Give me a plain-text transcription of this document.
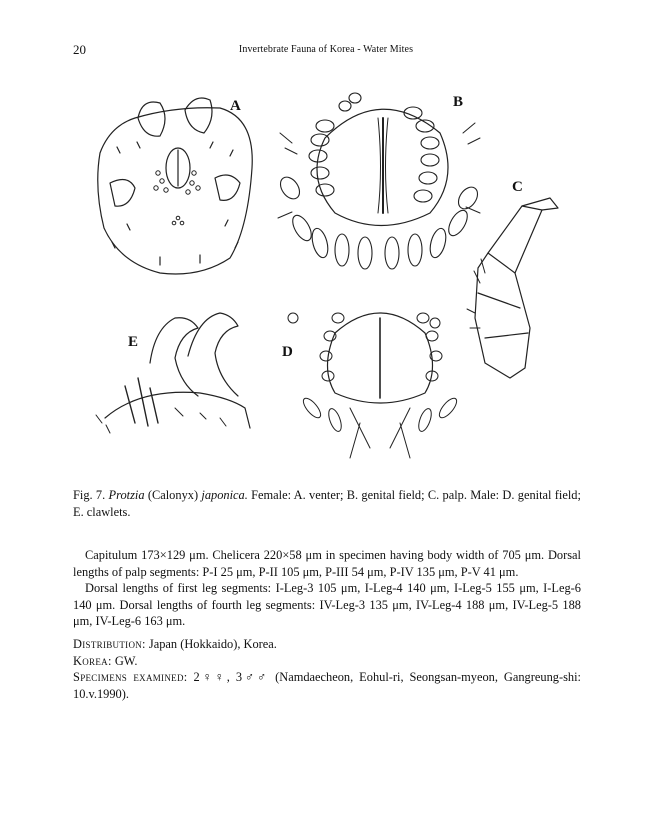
20	Invertebrate Fauna of Korea - Water Mites
A	B
C
D
E
Fig. 7. Protzia (Calonyx) japonica. Female: A. venter; B. genital field; C. palp. Male: D. genital field; E. clawlets.

Capitulum 173×129 μm. Chelicera 220×58 μm in specimen having body width of 705 μm. Dorsal lengths of palp segments: P-I 25 μm, P-II 105 μm, P-III 54 μm, P-IV 135 μm, P-V 41 μm.

Dorsal lengths of first leg segments: I-Leg-3 105 μm, I-Leg-4 140 μm, I-Leg-5 155 μm, I-Leg-6 140 μm. Dorsal lengths of fourth leg segments: IV-Leg-3 135 μm, IV-Leg-4 188 μm, IV-Leg-5 188 μm, IV-Leg-6 163 μm.

Distribution: Japan (Hokkaido), Korea.

Korea: GW.

Specimens examined: 2♀♀, 3♂♂ (Namdaecheon, Eohul-ri, Seongsan-myeon, Gangreung-shi: 10.v.1990).
